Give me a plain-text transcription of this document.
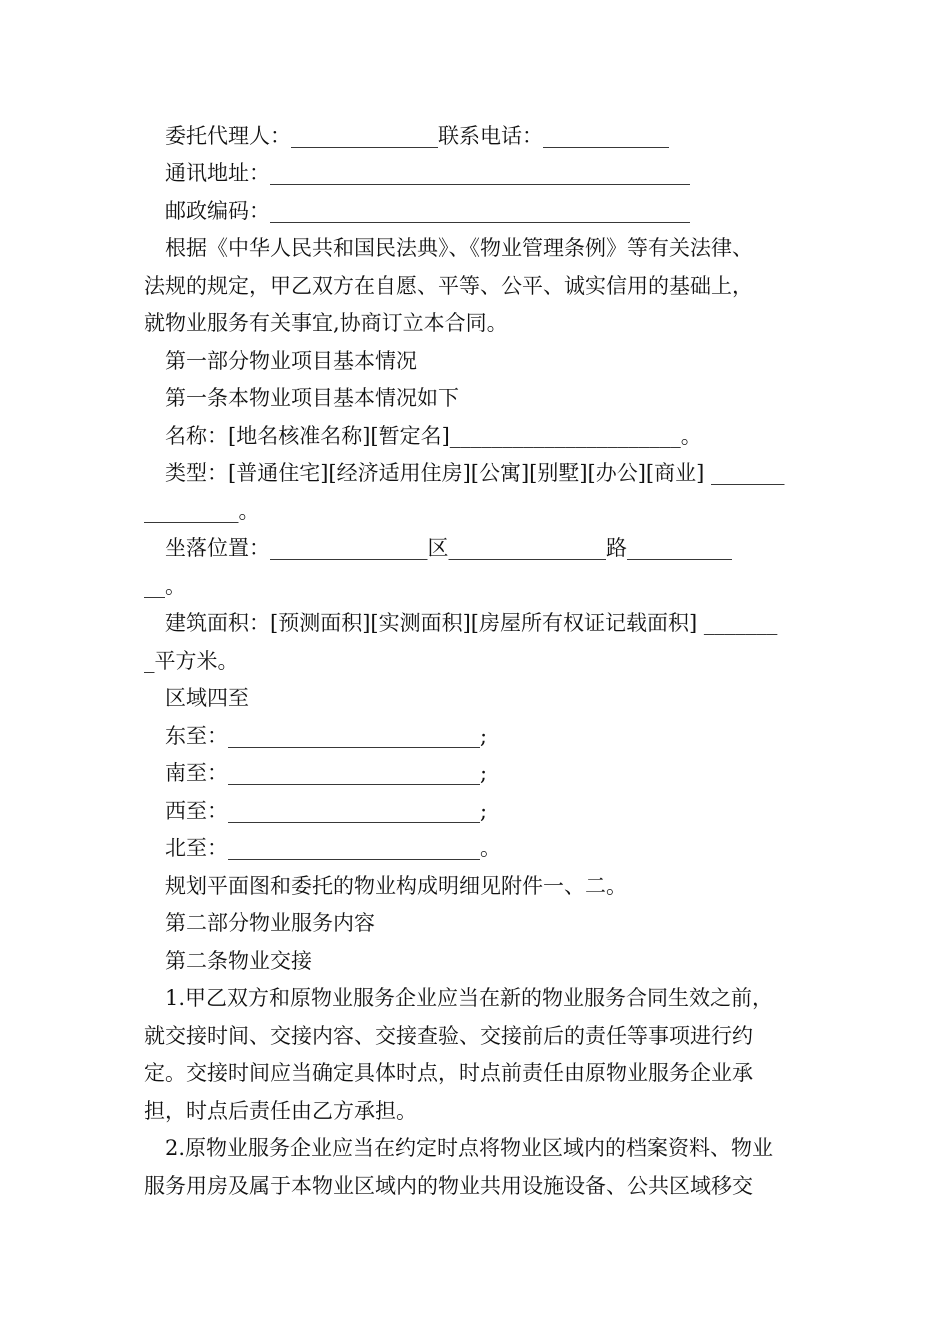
　委托代理人：______________联系电话：____________
　通讯地址：________________________________________
　邮政编码：________________________________________
　根据《中华人民共和国民法典》、《物业管理条例》等有关法律、
法规的规定，甲乙双方在自愿、平等、公平、诚实信用的基础上，
就物业服务有关事宜,协商订立本合同。
　第一部分物业项目基本情况
　第一条本物业项目基本情况如下
　名称：[地名核准名称][暂定名]______________________。
　类型：[普通住宅][经济适用住房][公寓][别墅][办公][商业] _______
_________。
　坐落位置：_______________区_______________路__________
__。
　建筑面积：[预测面积][实测面积][房屋所有权证记载面积] _______
_平方米。
　区域四至
　东至：________________________;
　南至：________________________;
　西至：________________________;
　北至：________________________。
　规划平面图和委托的物业构成明细见附件一、二。
　第二部分物业服务内容
　第二条物业交接
　1.甲乙双方和原物业服务企业应当在新的物业服务合同生效之前，
就交接时间、交接内容、交接查验、交接前后的责任等事项进行约
定。交接时间应当确定具体时点，时点前责任由原物业服务企业承
担，时点后责任由乙方承担。
　2.原物业服务企业应当在约定时点将物业区域内的档案资料、物业
服务用房及属于本物业区域内的物业共用设施设备、公共区域移交
